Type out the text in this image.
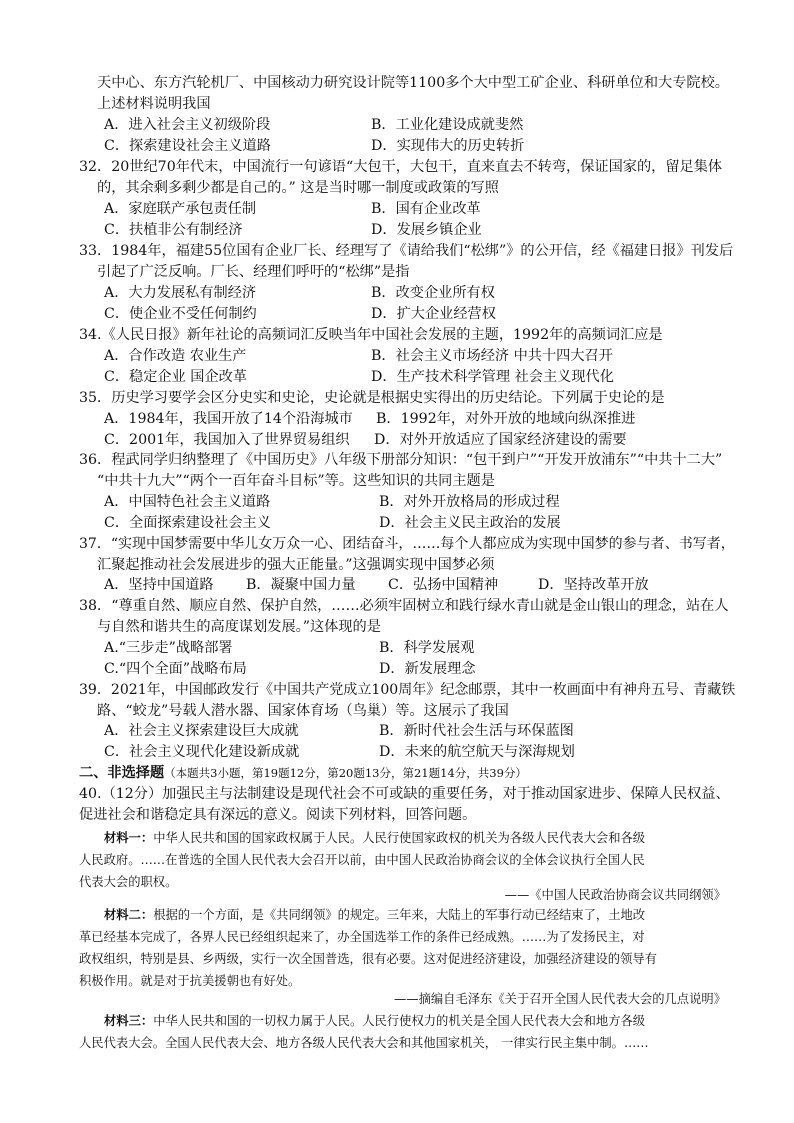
天中心、东方汽轮机厂、中国核动力研究设计院等1100多个大中型工矿企业、科研单位和大专院校。
上述材料说明我国
A．进入社会主义初级阶段	B．工业化建设成就斐然
C．探索建设社会主义道路	D．实现伟大的历史转折
32．20世纪70年代末，中国流行一句谚语“大包干，大包干，直来直去不转弯，保证国家的，留足集体
的，其余剩多剩少都是自己的。” 这是当时哪一制度或政策的写照
A．家庭联产承包责任制	B．国有企业改革
C．扶植非公有制经济	D．发展乡镇企业
33．1984年，福建55位国有企业厂长、经理写了《请给我们“松绑”》的公开信，经《福建日报》刊发后
引起了广泛反响。厂长、经理们呼吁的“松绑”是指
A．大力发展私有制经济	B．改变企业所有权
C．使企业不受任何制约	D．扩大企业经营权
34.《人民日报》新年社论的高频词汇反映当年中国社会发展的主题，1992年的高频词汇应是
A．合作改造 农业生产	B．社会主义市场经济 中共十四大召开
C．稳定企业 国企改革	D．生产技术科学管理 社会主义现代化
35．历史学习要学会区分史实和史论，史论就是根据史实得出的历史结论。下列属于史论的是
A．1984年，我国开放了14个沿海城市 B．1992年，对外开放的地域向纵深推进
C．2001年，我国加入了世界贸易组织 D．对外开放适应了国家经济建设的需要
36．程武同学归纳整理了《中国历史》八年级下册部分知识：“包干到户”“开发开放浦东”“中共十二大”
“中共十九大”“两个一百年奋斗目标”等。这些知识的共同主题是
A．中国特色社会主义道路	B．对外开放格局的形成过程
C．全面探索建设社会主义	D．社会主义民主政治的发展
37．“实现中国梦需要中华儿女万众一心、团结奋斗，……每个人都应成为实现中国梦的参与者、书写者，
汇聚起推动社会发展进步的强大正能量。”这强调实现中国梦必须
A．坚持中国道路 B．凝聚中国力量 C．弘扬中国精神	D．坚持改革开放
38．“尊重自然、顺应自然、保护自然，……必须牢固树立和践行绿水青山就是金山银山的理念，站在人
与自然和谐共生的高度谋划发展。”这体现的是
A.“三步走”战略部署	B．科学发展观
C.“四个全面”战略布局	D．新发展理念
39．2021年，中国邮政发行《中国共产党成立100周年》纪念邮票，其中一枚画面中有神舟五号、青藏铁
路、“蛟龙”号载人潜水器、国家体育场（鸟巢）等。这展示了我国
A．社会主义探索建设巨大成就	B．新时代社会生活与环保蓝图
C．社会主义现代化建设新成就	D．未来的航空航天与深海规划
二、非选择题（本题共3小题，第19题12分，第20题13分，第21题14分，共39分）
40.（12分）加强民主与法制建设是现代社会不可或缺的重要任务，对于推动国家进步、保障人民权益、
促进社会和谐稳定具有深远的意义。阅读下列材料，回答问题。
材料一：中华人民共和国的国家政权属于人民。人民行使国家政权的机关为各级人民代表大会和各级
人民政府。……在普选的全国人民代表大会召开以前，由中国人民政治协商会议的全体会议执行全国人民
代表大会的职权。
——《中国人民政治协商会议共同纲领》
材料二：根据的一个方面，是《共同纲领》的规定。三年来，大陆上的军事行动已经结束了，土地改
革已经基本完成了，各界人民已经组织起来了，办全国选举工作的条件已经成熟。……为了发扬民主，对
政权组织，特别是县、乡两级，实行一次全国普选，很有必要。这对促进经济建设，加强经济建设的领导有
积极作用。就是对于抗美援朝也有好处。
——摘编自毛泽东《关于召开全国人民代表大会的几点说明》
材料三：中华人民共和国的一切权力属于人民。人民行使权力的机关是全国人民代表大会和地方各级
人民代表大会。全国人民代表大会、地方各级人民代表大会和其他国家机关， 一律实行民主集中制。……
